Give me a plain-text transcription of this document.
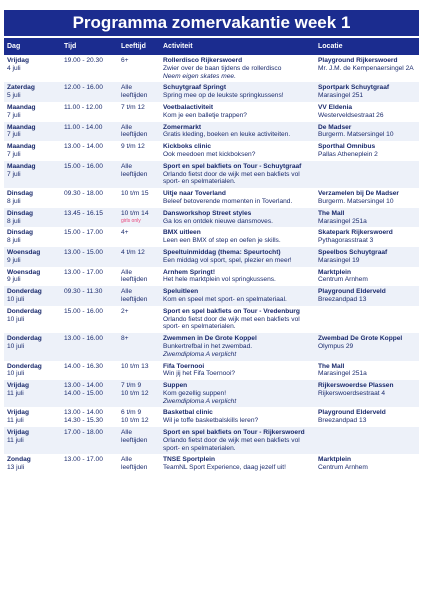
Programma zomervakantie week 1
Dag	Tijd	Leeftijd	Activiteit	Locatie

Vrijdag
4 juli	19.00 - 20.30	6+	Rollerdisco Rijkerswoerd
Zwier over de baan tijdens de rollerdisco
Neem eigen skates mee.	Playground Rijkerswoerd
Mr. J.M. de Kempenaersingel 2A

Zaterdag
5 juli	12.00 - 16.00	Alle
leeftijden	Schuytgraaf Springt
Spring mee op de leukste springkussens!	Sportpark Schuytgraaf
Marasingel 251

Maandag
7 juli	11.00 - 12.00	7 t/m 12	Voetbalactiviteit
Kom je een balletje trappen?	VV Eldenia
Westerveldsestraat 26

Maandag
7 juli	11.00 - 14.00	Alle
leeftijden	Zomermarkt
Gratis kleding, boeken en leuke activiteiten.	De Madser
Burgerm. Matsersingel 10

Maandag
7 juli	13.00 - 14.00	9 t/m 12	Kickboks clinic
Ook meedoen met kickboksen?	Sporthal Omnibus
Pallas Atheneplein 2

Maandag
7 juli	15.00 - 16.00	Alle
leeftijden	Sport en spel bakfiets on Tour - Schuytgraaf
Orlando fietst door de wijk met een bakfiets vol sport- en spelmaterialen.	

Dinsdag
8 juli	09.30 - 18.00	10 t/m 15	Uitje naar Toverland
Beleef betoverende momenten in Toverland.	Verzamelen bij De Madser
Burgerm. Matsersingel 10

Dinsdag
8 juli	13.45 - 16.15	10 t/m 14
girls only	Dansworkshop Street styles
Ga los en ontdek nieuwe dansmoves.	The Mall
Marasingel 251a

Dinsdag
8 juli	15.00 - 17.00	4+	BMX uitleen
Leen een BMX of step en oefen je skills.	Skatepark Rijkerswoerd
Pythagorasstraat 3

Woensdag
9 juli	13.00 - 15.00	4 t/m 12	Speeltuinmiddag (thema: Speurtocht)
Een middag vol sport, spel, plezier en meer!	Speelbos Schuytgraaf
Marasingel 19

Woensdag
9 juli	13.00 - 17.00	Alle
leeftijden	Arnhem Springt!
Het hele marktplein vol springkussens.	Marktplein
Centrum Arnhem

Donderdag
10 juli	09.30 - 11.30	Alle
leeftijden	Speluitleen
Kom en speel met sport- en spelmateriaal.	Playground Elderveld
Breezandpad 13

Donderdag
10 juli	15.00 - 16.00	2+	Sport en spel bakfiets on Tour - Vredenburg
Orlando fietst door de wijk met een bakfiets vol sport- en spelmaterialen.	

Donderdag
10 juli	13.00 - 16.00	8+	Zwemmen in De Grote Koppel
Bunkertrefbal in het zwembad.
Zwemdiploma A verplicht	Zwembad De Grote Koppel
Olympus 29

Donderdag
10 juli	14.00 - 16.30	10 t/m 13	Fifa Toernooi
Win jij het Fifa Toernooi?	The Mall
Marasingel 251a

Vrijdag
11 juli	13.00 - 14.00
14.00 - 15.00	7 t/m 9
10 t/m 12	Suppen
Kom gezellig suppen!
Zwemdiploma A verplicht	Rijkerswoerdse Plassen
Rijkerswoerdsestraat 4

Vrijdag
11 juli	13.00 - 14.00
14.30 - 15.30	6 t/m 9
10 t/m 12	Basketbal clinic
Wil je toffe basketbalskills leren?	Playground Elderveld
Breezandpad 13

Vrijdag
11 juli	17.00 - 18.00	Alle
leeftijden	Sport en spel bakfiets on Tour - Rijkerswoerd
Orlando fietst door de wijk met een bakfiets vol sport- en spelmaterialen.	

Zondag
13 juli	13.00 - 17.00	Alle
leeftijden	TNSE Sportplein
TeamNL Sport Experience, daag jezelf uit!	Marktplein
Centrum Arnhem
